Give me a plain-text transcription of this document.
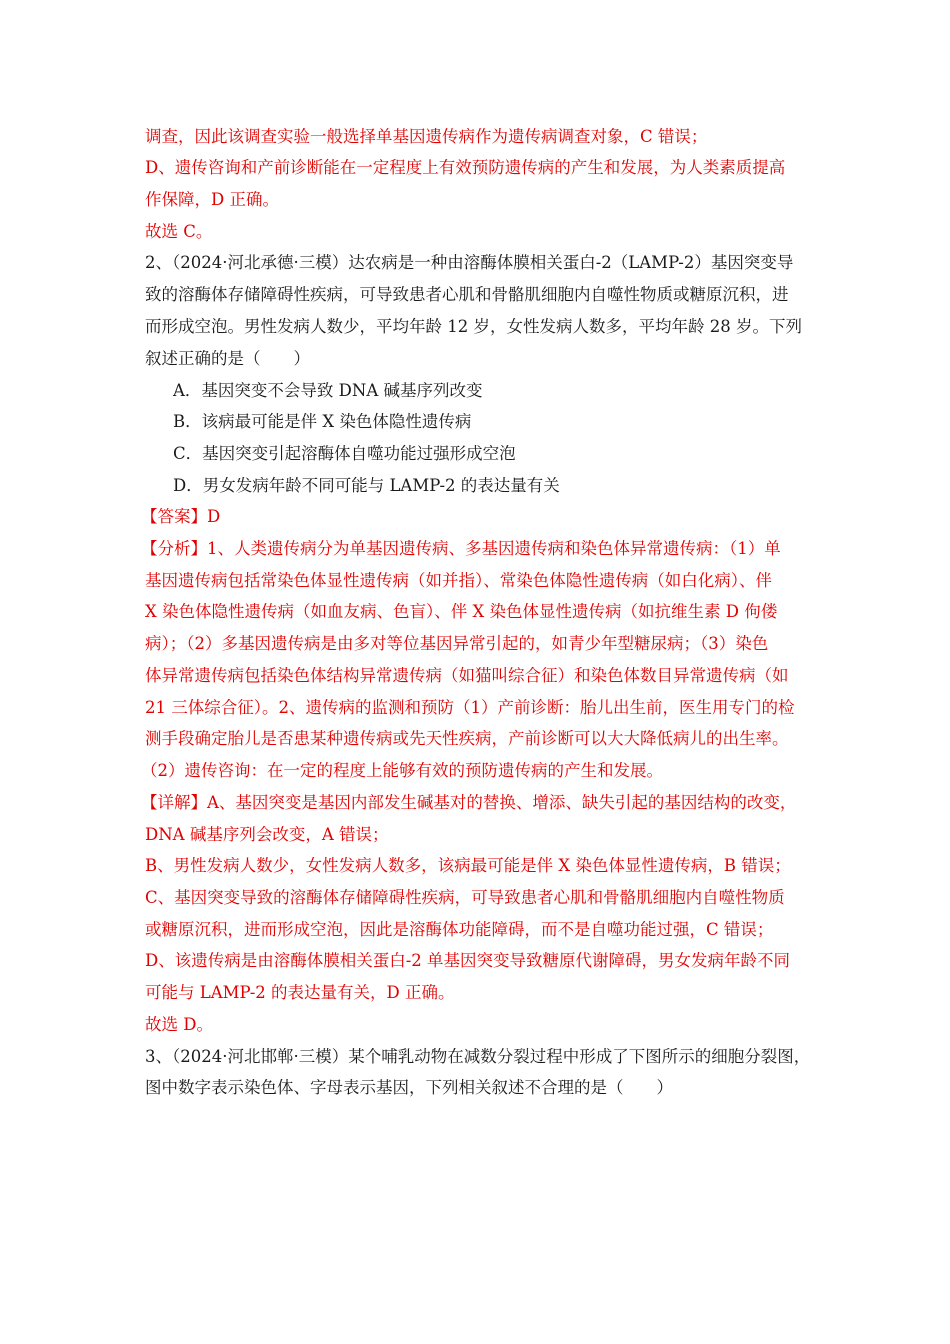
调查，因此该调查实验一般选择单基因遗传病作为遗传病调查对象，C 错误；
D、遗传咨询和产前诊断能在一定程度上有效预防遗传病的产生和发展，为人类素质提高
作保障，D 正确。
故选 C。
2、（2024·河北承德·三模）达农病是一种由溶酶体膜相关蛋白-2（LAMP-2）基因突变导
致的溶酶体存储障碍性疾病，可导致患者心肌和骨骼肌细胞内自噬性物质或糖原沉积，进
而形成空泡。男性发病人数少，平均年龄 12 岁，女性发病人数多，平均年龄 28 岁。下列
叙述正确的是（　　）
A．基因突变不会导致 DNA 碱基序列改变
B．该病最可能是伴 X 染色体隐性遗传病
C．基因突变引起溶酶体自噬功能过强形成空泡
D．男女发病年龄不同可能与 LAMP-2 的表达量有关
【答案】D
【分析】1、人类遗传病分为单基因遗传病、多基因遗传病和染色体异常遗传病：（1）单
基因遗传病包括常染色体显性遗传病（如并指）、常染色体隐性遗传病（如白化病）、伴
X 染色体隐性遗传病（如血友病、色盲）、伴 X 染色体显性遗传病（如抗维生素 D 佝偻
病）；（2）多基因遗传病是由多对等位基因异常引起的，如青少年型糖尿病；（3）染色
体异常遗传病包括染色体结构异常遗传病（如猫叫综合征）和染色体数目异常遗传病（如
21 三体综合征）。2、遗传病的监测和预防（1）产前诊断：胎儿出生前，医生用专门的检
测手段确定胎儿是否患某种遗传病或先天性疾病，产前诊断可以大大降低病儿的出生率。
（2）遗传咨询：在一定的程度上能够有效的预防遗传病的产生和发展。
【详解】A、基因突变是基因内部发生碱基对的替换、增添、缺失引起的基因结构的改变，
DNA 碱基序列会改变，A 错误；
B、男性发病人数少，女性发病人数多，该病最可能是伴 X 染色体显性遗传病，B 错误；
C、基因突变导致的溶酶体存储障碍性疾病，可导致患者心肌和骨骼肌细胞内自噬性物质
或糖原沉积，进而形成空泡，因此是溶酶体功能障碍，而不是自噬功能过强，C 错误；
D、该遗传病是由溶酶体膜相关蛋白-2 单基因突变导致糖原代谢障碍，男女发病年龄不同
可能与 LAMP-2 的表达量有关，D 正确。
故选 D。
3、（2024·河北邯郸·三模）某个哺乳动物在减数分裂过程中形成了下图所示的细胞分裂图，
图中数字表示染色体、字母表示基因，下列相关叙述不合理的是（　　）
